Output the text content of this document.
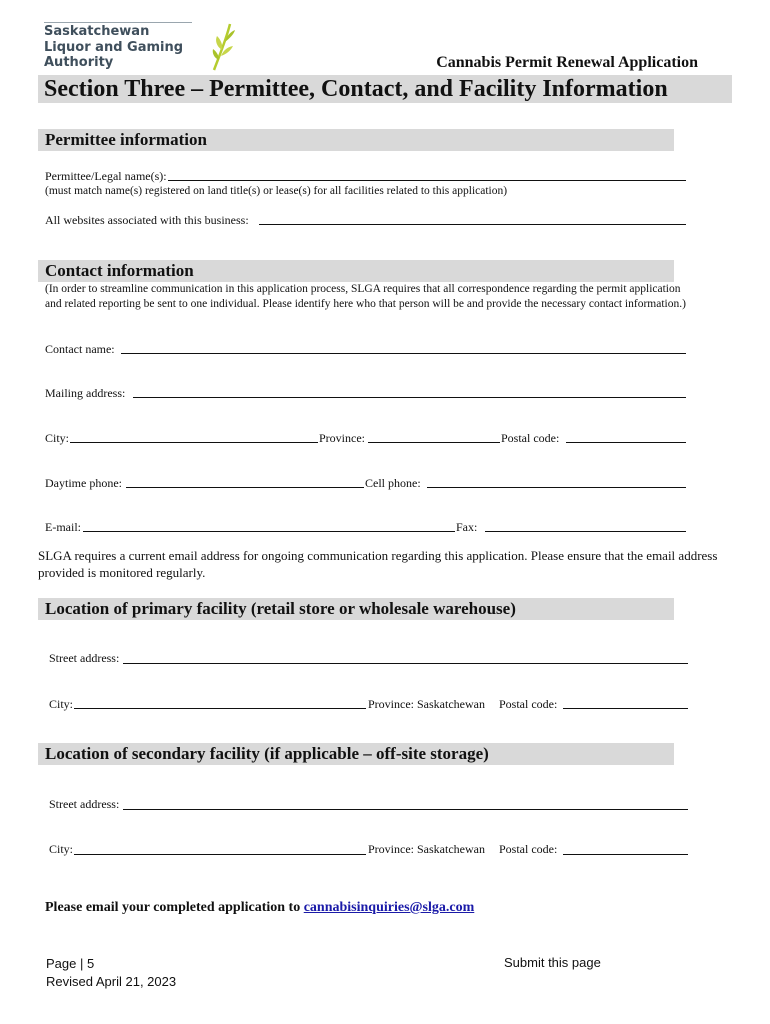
Saskatchewan
Liquor and Gaming
Authority	Cannabis Permit Renewal Application
Section Three – Permittee, Contact, and Facility Information
Permittee information
Permittee/Legal name(s):
(must match name(s) registered on land title(s) or lease(s) for all facilities related to this application)
All websites associated with this business:
Contact information
(In order to streamline communication in this application process, SLGA requires that all correspondence regarding the permit application and related reporting be sent to one individual. Please identify here who that person will be and provide the necessary contact information.)
Contact name:
Mailing address:
City:	Province:	Postal code:
Daytime phone:	Cell phone:
E-mail:	Fax:
SLGA requires a current email address for ongoing communication regarding this application. Please ensure that the email address provided is monitored regularly.
Location of primary facility (retail store or wholesale warehouse)
Street address:
City:	Province: Saskatchewan Postal code:
Location of secondary facility (if applicable – off-site storage)
Street address:
City:	Province: Saskatchewan Postal code:
Please email your completed application to cannabisinquiries@slga.com
Page | 5
Revised April 21, 2023
Submit this page
